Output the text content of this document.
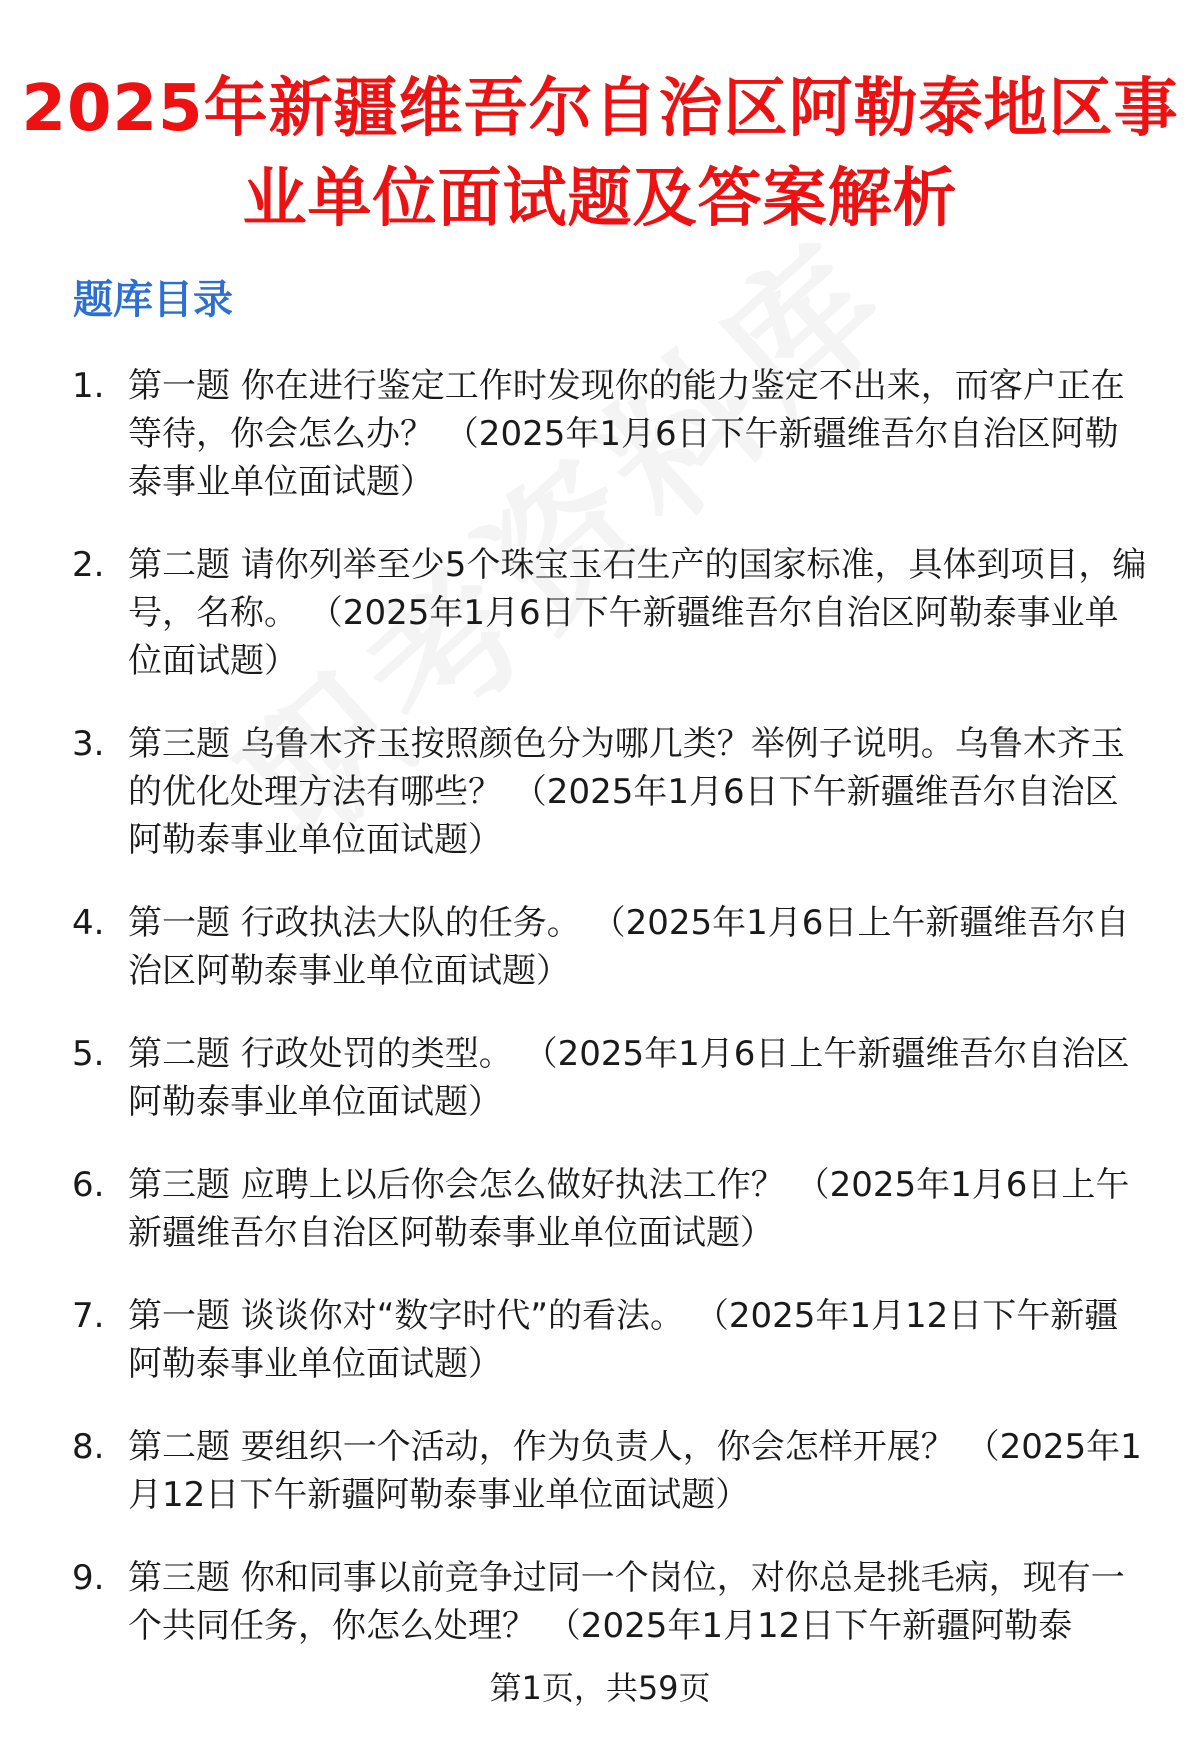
2025年新疆维吾尔自治区阿勒泰地区事业单位面试题及答案解析
题库目录
1. 第一题 你在进行鉴定工作时发现你的能力鉴定不出来，而客户正在等待，你会怎么办？ （2025年1月6日下午新疆维吾尔自治区阿勒泰事业单位面试题）
2. 第二题 请你列举至少5个珠宝玉石生产的国家标准，具体到项目，编号，名称。 （2025年1月6日下午新疆维吾尔自治区阿勒泰事业单位面试题）
3. 第三题 乌鲁木齐玉按照颜色分为哪几类？举例子说明。乌鲁木齐玉的优化处理方法有哪些？ （2025年1月6日下午新疆维吾尔自治区阿勒泰事业单位面试题）
4. 第一题 行政执法大队的任务。 （2025年1月6日上午新疆维吾尔自治区阿勒泰事业单位面试题）
5. 第二题 行政处罚的类型。 （2025年1月6日上午新疆维吾尔自治区阿勒泰事业单位面试题）
6. 第三题 应聘上以后你会怎么做好执法工作？ （2025年1月6日上午新疆维吾尔自治区阿勒泰事业单位面试题）
7. 第一题 谈谈你对“数字时代”的看法。 （2025年1月12日下午新疆阿勒泰事业单位面试题）
8. 第二题 要组织一个活动，作为负责人，你会怎样开展？ （2025年1月12日下午新疆阿勒泰事业单位面试题）
9. 第三题 你和同事以前竞争过同一个岗位，对你总是挑毛病，现有一个共同任务，你怎么处理？ （2025年1月12日下午新疆阿勒泰
第1页，共59页
